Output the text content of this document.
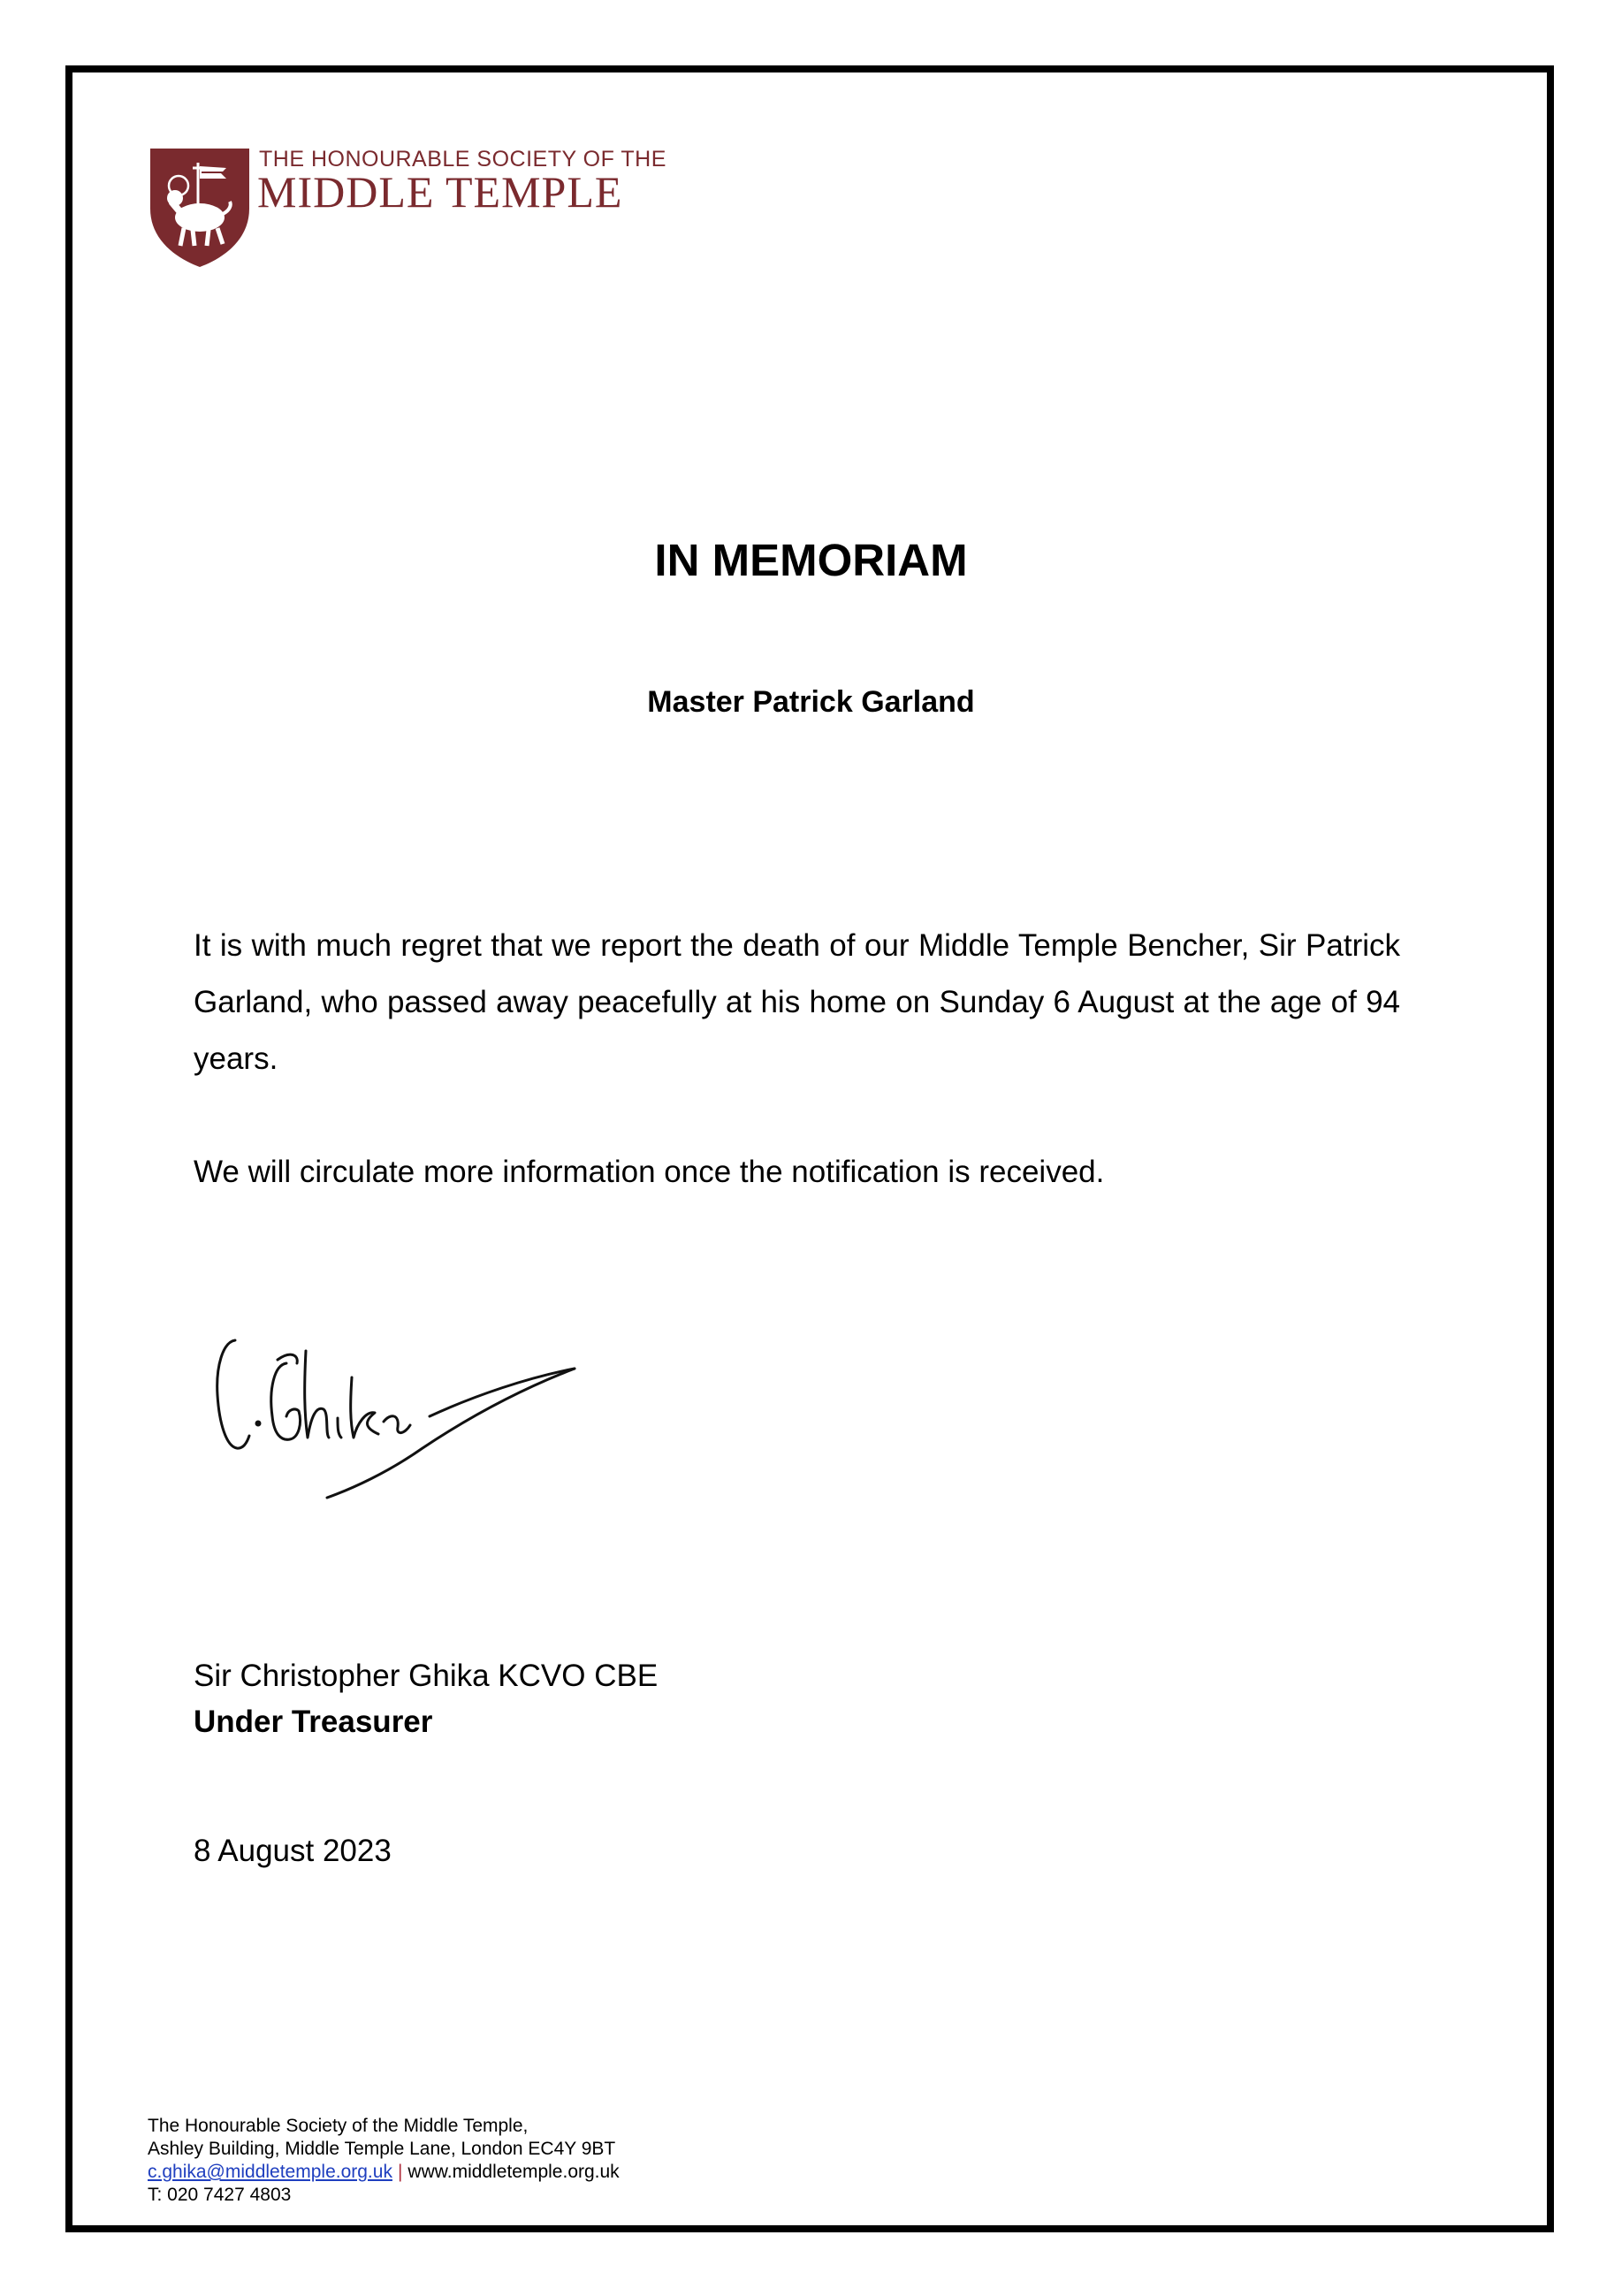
THE HONOURABLE SOCIETY OF THE
MIDDLE TEMPLE
IN MEMORIAM
Master Patrick Garland

It is with much regret that we report the death of our Middle Temple Bencher, Sir Patrick Garland, who passed away peacefully at his home on Sunday 6 August at the age of 94 years.

We will circulate more information once the notification is received.

Sir Christopher Ghika KCVO CBE

Under Treasurer

8 August 2023

The Honourable Society of the Middle Temple,
Ashley Building, Middle Temple Lane, London EC4Y 9BT
c.ghika@middletemple.org.uk | www.middletemple.org.uk
T: 020 7427 4803
